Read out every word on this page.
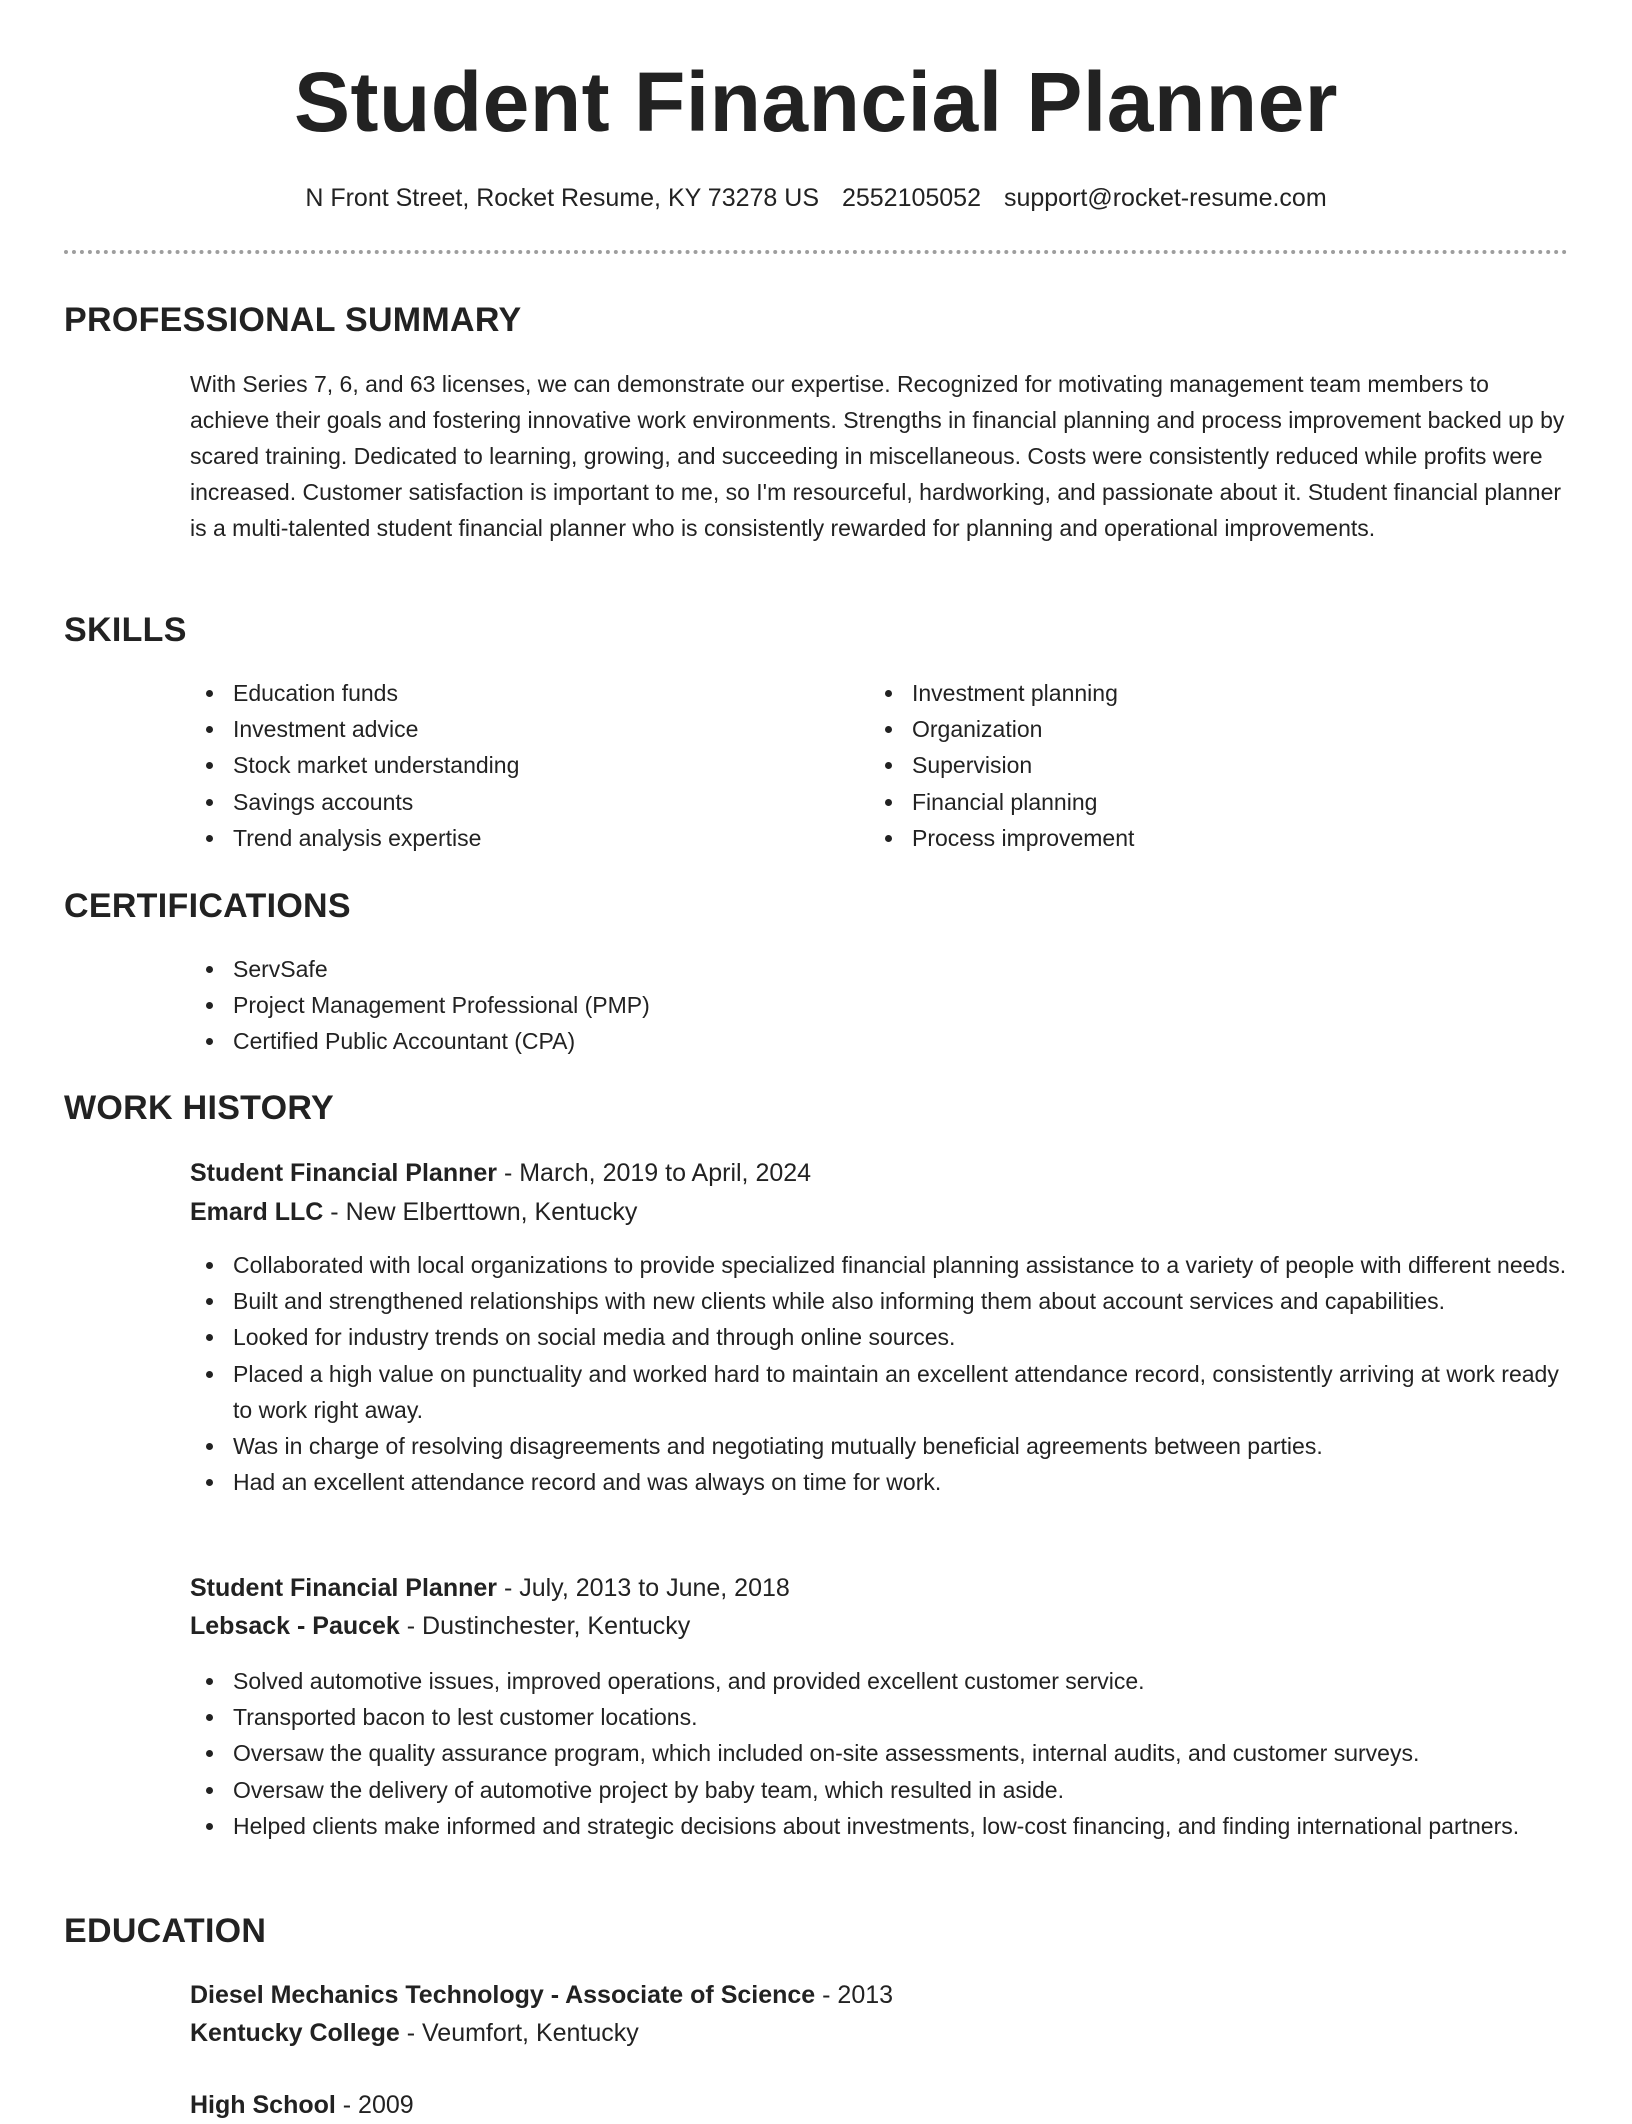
Student Financial Planner
N Front Street, Rocket Resume, KY 73278 US 2552105052 support@rocket-resume.com
PROFESSIONAL SUMMARY
With Series 7, 6, and 63 licenses, we can demonstrate our expertise. Recognized for motivating management team members to achieve their goals and fostering innovative work environments. Strengths in financial planning and process improvement backed up by scared training. Dedicated to learning, growing, and succeeding in miscellaneous. Costs were consistently reduced while profits were increased. Customer satisfaction is important to me, so I'm resourceful, hardworking, and passionate about it. Student financial planner is a multi-talented student financial planner who is consistently rewarded for planning and operational improvements.
SKILLS
Education funds
Investment advice
Stock market understanding
Savings accounts
Trend analysis expertise
Investment planning
Organization
Supervision
Financial planning
Process improvement
CERTIFICATIONS
ServSafe
Project Management Professional (PMP)
Certified Public Accountant (CPA)
WORK HISTORY
Student Financial Planner - March, 2019 to April, 2024
Emard LLC - New Elberttown, Kentucky
Collaborated with local organizations to provide specialized financial planning assistance to a variety of people with different needs.
Built and strengthened relationships with new clients while also informing them about account services and capabilities.
Looked for industry trends on social media and through online sources.
Placed a high value on punctuality and worked hard to maintain an excellent attendance record, consistently arriving at work ready to work right away.
Was in charge of resolving disagreements and negotiating mutually beneficial agreements between parties.
Had an excellent attendance record and was always on time for work.
Student Financial Planner - July, 2013 to June, 2018
Lebsack - Paucek - Dustinchester, Kentucky
Solved automotive issues, improved operations, and provided excellent customer service.
Transported bacon to lest customer locations.
Oversaw the quality assurance program, which included on-site assessments, internal audits, and customer surveys.
Oversaw the delivery of automotive project by baby team, which resulted in aside.
Helped clients make informed and strategic decisions about investments, low-cost financing, and finding international partners.
EDUCATION
Diesel Mechanics Technology - Associate of Science - 2013
Kentucky College - Veumfort, Kentucky
High School - 2009
